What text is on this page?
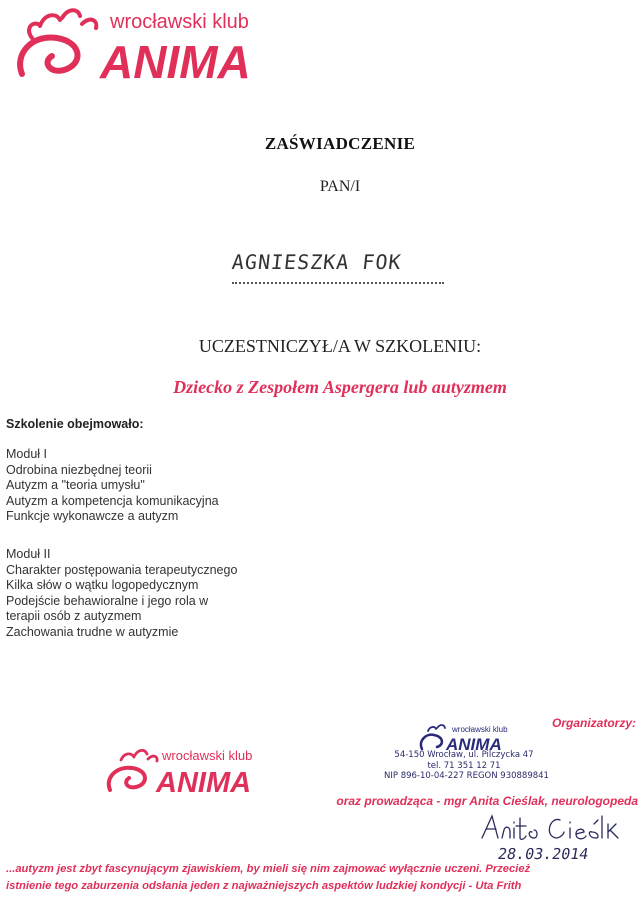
wrocławski klub
ANIMA
ZAŚWIADCZENIE
PAN/I
AGNIESZKA FOK
UCZESTNICZYŁ/A W SZKOLENIU:
Dziecko z Zespołem Aspergera lub autyzmem
Szkolenie obejmowało:
Moduł I
Odrobina niezbędnej teorii
Autyzm a "teoria umysłu"
Autyzm a kompetencja komunikacyjna
Funkcje wykonawcze a autyzm
Moduł II
Charakter postępowania terapeutycznego
Kilka słów o wątku logopedycznym
Podejście behawioralne i jego rola w
terapii osób z autyzmem
Zachowania trudne w autyzmie
Organizatorzy:
wrocławski klub
ANIMA
54-150 Wrocław, ul. Pilczycka 47
tel. 71 351 12 71
NIP 896-10-04-227 REGON 930889841
wrocławski klub
ANIMA
oraz prowadząca - mgr Anita Cieślak, neurologopeda
28.03.2014
...autyzm jest zbyt fascynującym zjawiskiem, by mieli się nim zajmować wyłącznie uczeni. Przecież
istnienie tego zaburzenia odsłania jeden z najważniejszych aspektów ludzkiej kondycji - Uta Frith
